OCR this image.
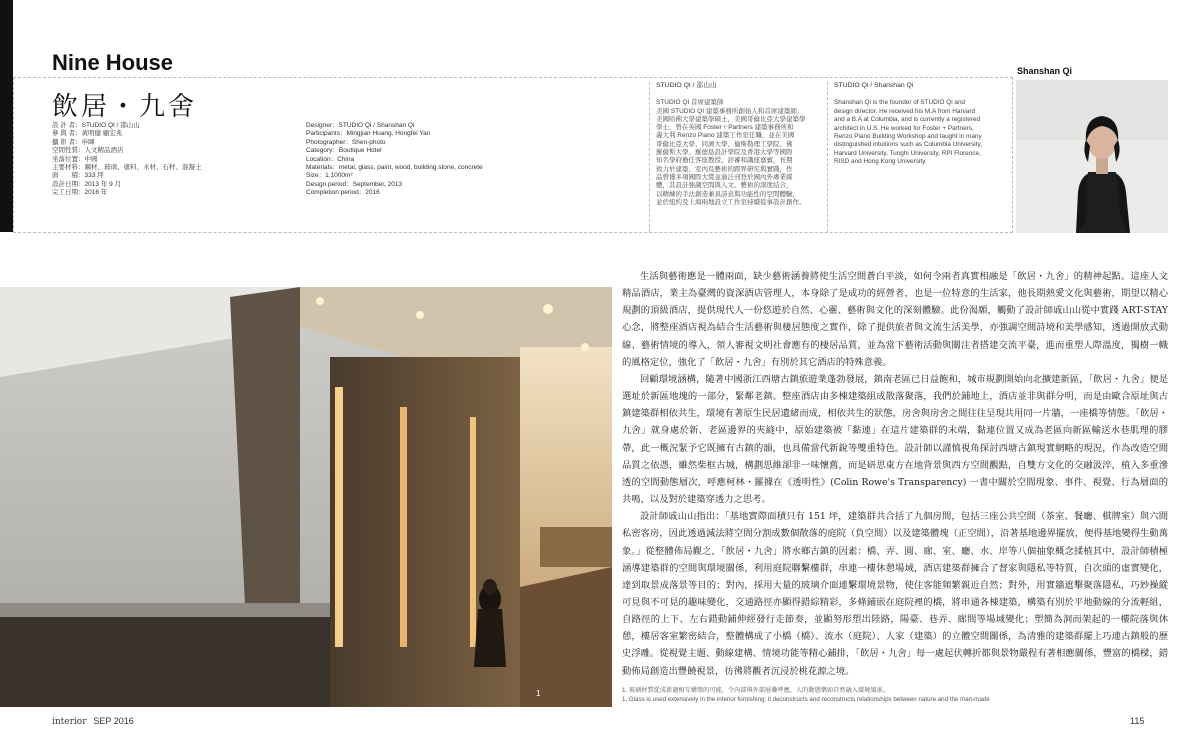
Nine House
飲居・九舍
設 計 者：STUDIO QI / 邵山山
參 與 者：黃明健 顧宏兆
攝 影 者：申暉
空間性質：人文精品酒店
坐落位置：中國
主要材料：鋼材、玻璃、塗料、木材、石材、混凝土
面　　積：333 坪
設計日期：2013 年 9 月
完工日期：2016 年
Designer：STUDIO Qi / Shanshan Qi
Participants：Mingjian Huang, Hongfei Yan
Photographer：Shen-photo
Category：Boutique Hotel
Location：China
Materials：metal, glass, paint, wood, building stone, concrete
Size：1,1000m²
Design period：September, 2013
Completion period：2016
STUDIO QI / 邵山山
STUDIO QI 首席建築師
美國 STUDIO QI 建築事務所創始人和首席建築師，
美國哈佛大學建築學碩士，美國哥倫比亞大學建築學
學士，曾在英國 Foster＋Partners 建築事務所和
義大利 Renzo Piano 建築工作室任職，並在美國
哥倫比亞大學、同濟大學、倫斯勒理工學院、佛
羅倫斯大學、羅德島設計學院及香港大學等國際
知名學府擔任客座教授、評審和講座嘉賓，長期
致力於建築、室內及藝術的跨界研究與實踐，作
品曾獲多項國際大獎並廣泛刊登於國內外專業媒
體，其設計強調空間與人文、藝術的深度結合，
以精練的手法創造兼具詩意與功能性的空間體驗，
並於紐約及上海兩地設立工作室持續從事設計創作。
STUDIO Qi / Shanshan Qi
Shanshan Qi is the founder of STUDIO Qi and
design director. He received his M.A from Harvard
and a B.A at Columbia, and is currently a registered
architect in U.S. He worked for Foster + Partners,
Renzo Piano Building Workshop and taught in many
distinguished intuitions such as Columbia University,
Harvard University, Tunghi University, RPI Florence,
RISD and Hong Kong University.
Shanshan Qi
1

生活與藝術應是一體兩面，缺少藝術涵養將使生活空間蒼白平淡，如何令兩者真實相融是「飲居・九舍」的精神起點。這座人文精品酒店，業主為臺灣的資深酒店管理人，本身除了是成功的經營者，也是一位特意的生活家，他長期熱愛文化與藝術，期望以精心規劃的頂級酒店，提供現代人一份悠遊於自然、心靈、藝術與文化的深刻體驗。此份渴願，觸動了設計師戚山山從中實踐 ART-STAY 心念，將整座酒店視為結合生活藝術與棲居態度之實作，除了提供旅者與文流生活美學，亦強調空間詩境和美學感知，透過開放式動線、藝術情境的導入，領人審視文明社會應有的棲居品質，並為當下藝術活動與關注者搭建交流平臺，進而重塑人際溫度，獨樹一幟的風格定位，強化了「飲居・九舍」有別於其它酒店的特殊意義。

回顧環境涵構，隨著中國浙江西塘古鎮旅遊業蓬勃發展，鎮南老區已日益飽和，城市規劃開始向北擴建新區，「飲居・九舍」便是選址於新區地塊的一部分，緊鄰老鎮。整座酒店由多棟建築組成散落聚落，我們於鋪地上，酒店並非與群分明，而是由歐合原址與古鎮建築群相依共生，環境有著原生民居遺緒而成，相依共生的狀態，房舍與房舍之間往往呈現共用同一片牆，一座橋等情態。「飲居・九舍」就身處於新、老區邊界的夾縫中，原始建築被「黏連」在這片建築群的末端，黏連位置又成為老區向新區輸送水巷肌理的膠帶，此一概況緊予它既擁有古鎮的韻，也具備當代新銳等雙重特色。設計師以謹慎視角探討西塘古鎮現實網略的現況，作為改造空間品質之依憑，雖然柴框古城，構劃思維卻非一味懷舊，而是研思東方在地背景與西方空間觀點，自雙方文化的交融汲淬，植入多重滲透的空間動態層次，呼應柯林・羅據在《透明性》(Colin Rowe's Transparency) 一書中關於空間現象、事件、視覺、行為層面的共鳴，以及對於建築穿透力之思考。

設計師戚山山指出：「基地實際面積只有 151 坪，建築群共合括了九個房間，包括三座公共空間（茶室、餐廳、棋牌室）與六間私密客房，因此透過減法將空間分割成數個散落的庭院（負空間）以及建築體塊（正空間），沿著基地邊界擺放，便得基地變得生動萬象。」從整體佈局觀之，「飲居・九舍」將水鄉古鎮的因素：橋、弄、圓、廊、室、廳、水、岸等八個抽象概念揉植其中，設計師積極涵導建築群的空間與環境關係，利用庭院聯繫樓群，串連一樓休憩場域，酒店建築群擁合了督家與隱私等特質，自次頭的虛實變化，達到取景成落景等目的；對內，採用大量的玻璃介面連繫環境景物，使住客能頻繁親近自然；對外，用實牆遮擊聚落隱私，巧妙操縱可見與不可見的趣味變化，交通路徑亦顯得錯綜精彩，多條鋪嵌在庭院裡的橋，將串通各棟建築，構築有別於平地動線的分流輕組，自路徑的上下、左右錯動鋪伸經發行走節奏，並顯努形塑出陸路，陽臺、巷弄、廊間等場域變化；塑簡為洞而架起的一樓院落與休憩，樓居客室繁密結合，整體構成了小橋（橋）、流水（庭院）、人家（建築）的立體空間關係，為清雅的建築群擺上巧連古鎮般的歷史浮雕。從視覺主題、動線建構、情境功能等精心鋪排，「飲居・九舍」每一處起伏轉折都與景物嚴程有著相應關係，豐富的橋樑，錯動佈局創造出豐饒視景，彷彿將觀者沉浸於桃花源之境。

1. 玻璃材質從成新過相互構築的可能，令內部與外部層疊呼應，人的動態樂如自然融入環境風景。
1. Glass is used extensively in the interior furnishing; it deconstructs and reconstructs relationships between nature and the man-made
interior SEP 2016	115
